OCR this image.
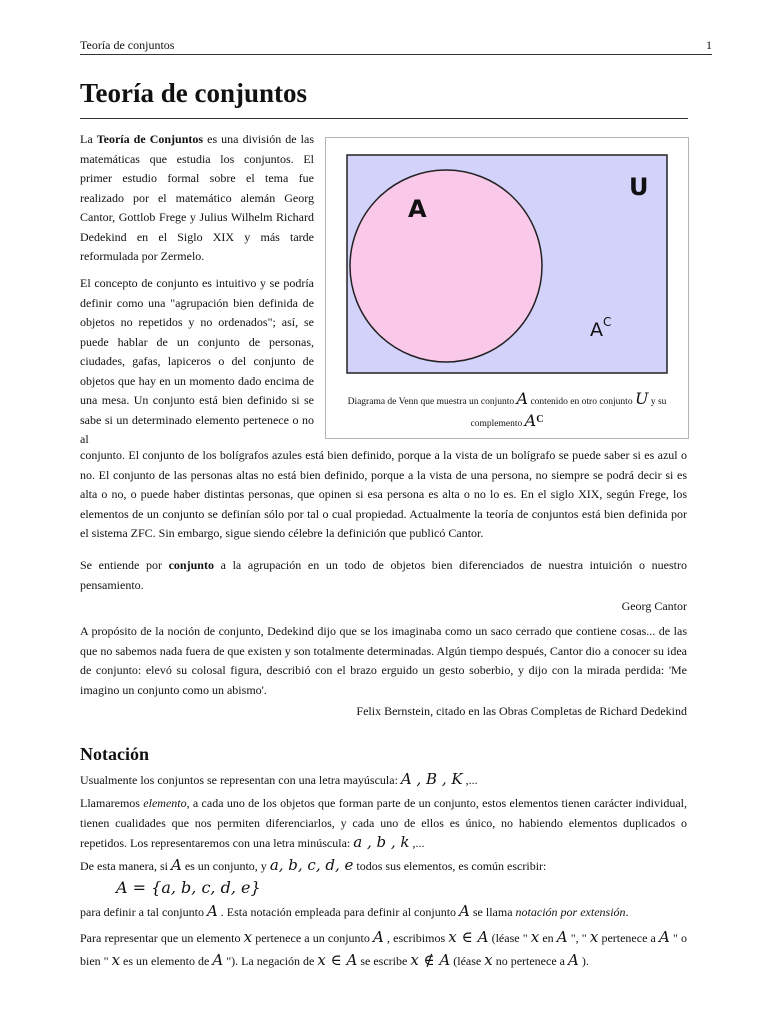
Teoría de conjuntos	1
Teoría de conjuntos

La Teoría de Conjuntos es una división de las matemáticas que estudia los conjuntos. El primer estudio formal sobre el tema fue realizado por el matemático alemán Georg Cantor, Gottlob Frege y Julius Wilhelm Richard Dedekind en el Siglo XIX y más tarde reformulada por Zermelo.

El concepto de conjunto es intuitivo y se podría definir como una "agrupación bien definida de objetos no repetidos y no ordenados"; así, se puede hablar de un conjunto de personas, ciudades, gafas, lapiceros o del conjunto de objetos que hay en un momento dado encima de una mesa. Un conjunto está bien definido si se sabe si un determinado elemento pertenece o no al

conjunto. El conjunto de los bolígrafos azules está bien definido, porque a la vista de un bolígrafo se puede saber si es azul o no. El conjunto de las personas altas no está bien definido, porque a la vista de una persona, no siempre se podrá decir si es alta o no, o puede haber distintas personas, que opinen si esa persona es alta o no lo es. En el siglo XIX, según Frege, los elementos de un conjunto se definían sólo por tal o cual propiedad. Actualmente la teoría de conjuntos está bien definida por el sistema ZFC. Sin embargo, sigue siendo célebre la definición que publicó Cantor.

U
A
A C
Diagrama de Venn que muestra un conjunto A contenido en otro conjunto U y su complemento $A^C$

Se entiende por conjunto a la agrupación en un todo de objetos bien diferenciados de nuestra intuición o nuestro pensamiento.

Georg Cantor

A propósito de la noción de conjunto, Dedekind dijo que se los imaginaba como un saco cerrado que contiene cosas... de las que no sabemos nada fuera de que existen y son totalmente determinadas. Algún tiempo después, Cantor dio a conocer su idea de conjunto: elevó su colosal figura, describió con el brazo erguido un gesto soberbio, y dijo con la mirada perdida: 'Me imagino un conjunto como un abismo'.

Felix Bernstein, citado en las Obras Completas de Richard Dedekind

Notación

Usualmente los conjuntos se representan con una letra mayúscula: A , B , K ,...

Llamaremos elemento, a cada uno de los objetos que forman parte de un conjunto, estos elementos tienen carácter individual, tienen cualidades que nos permiten diferenciarlos, y cada uno de ellos es único, no habiendo elementos duplicados o repetidos. Los representaremos con una letra minúscula: a , b , k ,...

De esta manera, si A es un conjunto, y a, b, c, d, e todos sus elementos, es común escribir:

A = {a, b, c, d, e}

para definir a tal conjunto A . Esta notación empleada para definir al conjunto A se llama notación por extensión.

Para representar que un elemento x pertenece a un conjunto A , escribimos x ∈ A (léase " x en A ", " x pertenece a A " o bien " x es un elemento de A "). La negación de x ∈ A se escribe x ∉ A (léase x no pertenece a A ).
